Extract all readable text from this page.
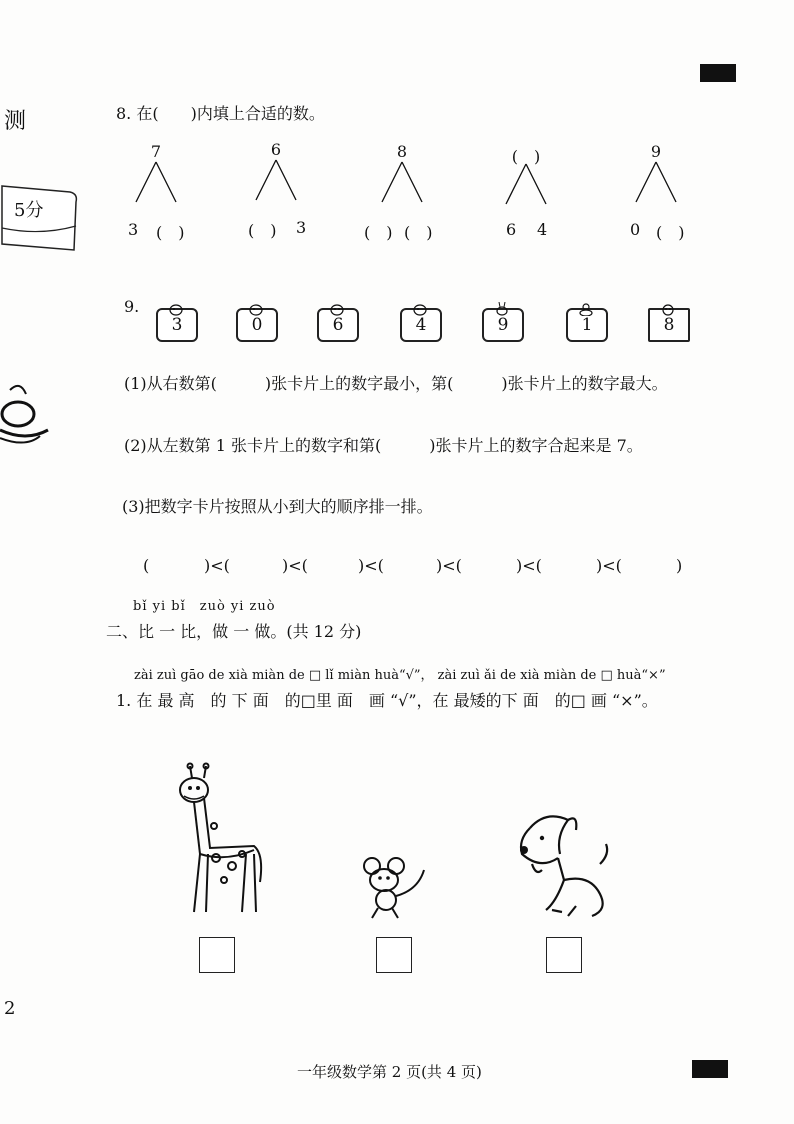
测
5分
2
8. 在(　　)内填上合适的数。
7	6	8	(　)	9
3 (　)	(　) 3	(　) (　)	6 4	0 (　)
9.
3	0	6	4	9	1	8
(1)从右数第(　　　)张卡片上的数字最小，第(　　　)张卡片上的数字最大。
(2)从左数第 1 张卡片上的数字和第(　　　)张卡片上的数字合起来是 7。
(3)把数字卡片按照从小到大的顺序排一排。
(	)<(	)<(	)<(	)<(	)<(	)<(	)
bǐ yi bǐ　zuò yi zuò
二、比 一 比，做 一 做。(共 12 分)
zài zuì gāo de xià miàn de □ lǐ miàn huà“√”， zài zuì ǎi de xià miàn de □ huà“×”
1. 在 最 高　的 下 面　的□里 面　画 “√”，在 最矮的下 面　的□ 画 “×”。
一年级数学第 2 页(共 4 页)
